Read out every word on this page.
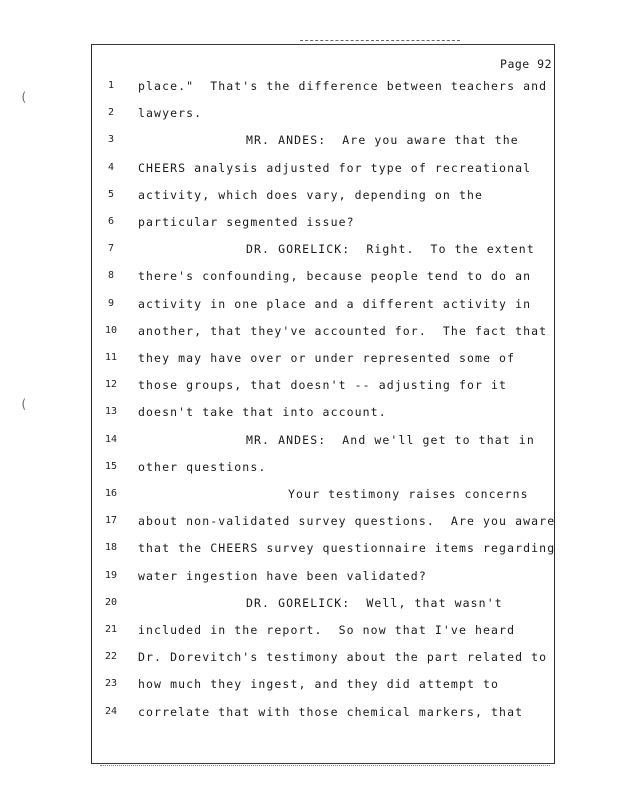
Page 92
(
(
1	place."  That's the difference between teachers and
2	lawyers.
3	MR. ANDES:  Are you aware that the
4	CHEERS analysis adjusted for type of recreational
5	activity, which does vary, depending on the
6	particular segmented issue?
7	DR. GORELICK:  Right.  To the extent
8	there's confounding, because people tend to do an
9	activity in one place and a different activity in
10	another, that they've accounted for.  The fact that
11	they may have over or under represented some of
12	those groups, that doesn't -- adjusting for it
13	doesn't take that into account.
14	MR. ANDES:  And we'll get to that in
15	other questions.
16	Your testimony raises concerns
17	about non-validated survey questions.  Are you aware
18	that the CHEERS survey questionnaire items regarding
19	water ingestion have been validated?
20	DR. GORELICK:  Well, that wasn't
21	included in the report.  So now that I've heard
22	Dr. Dorevitch's testimony about the part related to
23	how much they ingest, and they did attempt to
24	correlate that with those chemical markers, that
